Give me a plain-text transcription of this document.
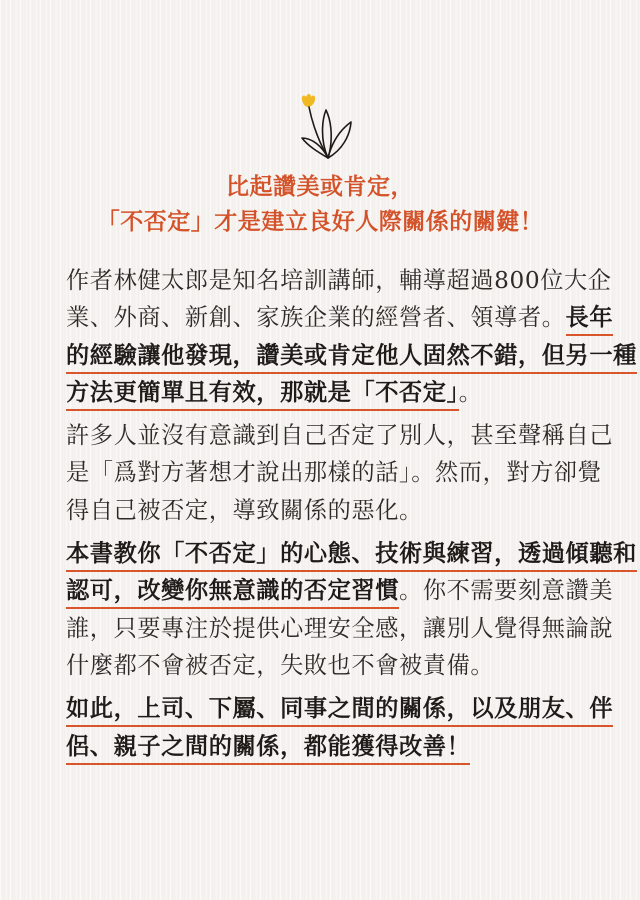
比起讚美或肯定，
「不否定」才是建立良好人際關係的關鍵！
作者林健太郎是知名培訓講師，輔導超過800位大企
業、外商、新創、家族企業的經營者、領導者。長年
的經驗讓他發現，讚美或肯定他人固然不錯，但另一種
方法更簡單且有效，那就是「不否定」。
許多人並沒有意識到自己否定了別人，甚至聲稱自己
是「爲對方著想才說出那樣的話」。然而，對方卻覺
得自己被否定，導致關係的惡化。
本書教你「不否定」的心態、技術與練習，透過傾聽和
認可，改變你無意識的否定習慣。你不需要刻意讚美
誰，只要專注於提供心理安全感，讓別人覺得無論說
什麼都不會被否定，失敗也不會被責備。
如此，上司、下屬、同事之間的關係，以及朋友、伴
侶、親子之間的關係，都能獲得改善！
